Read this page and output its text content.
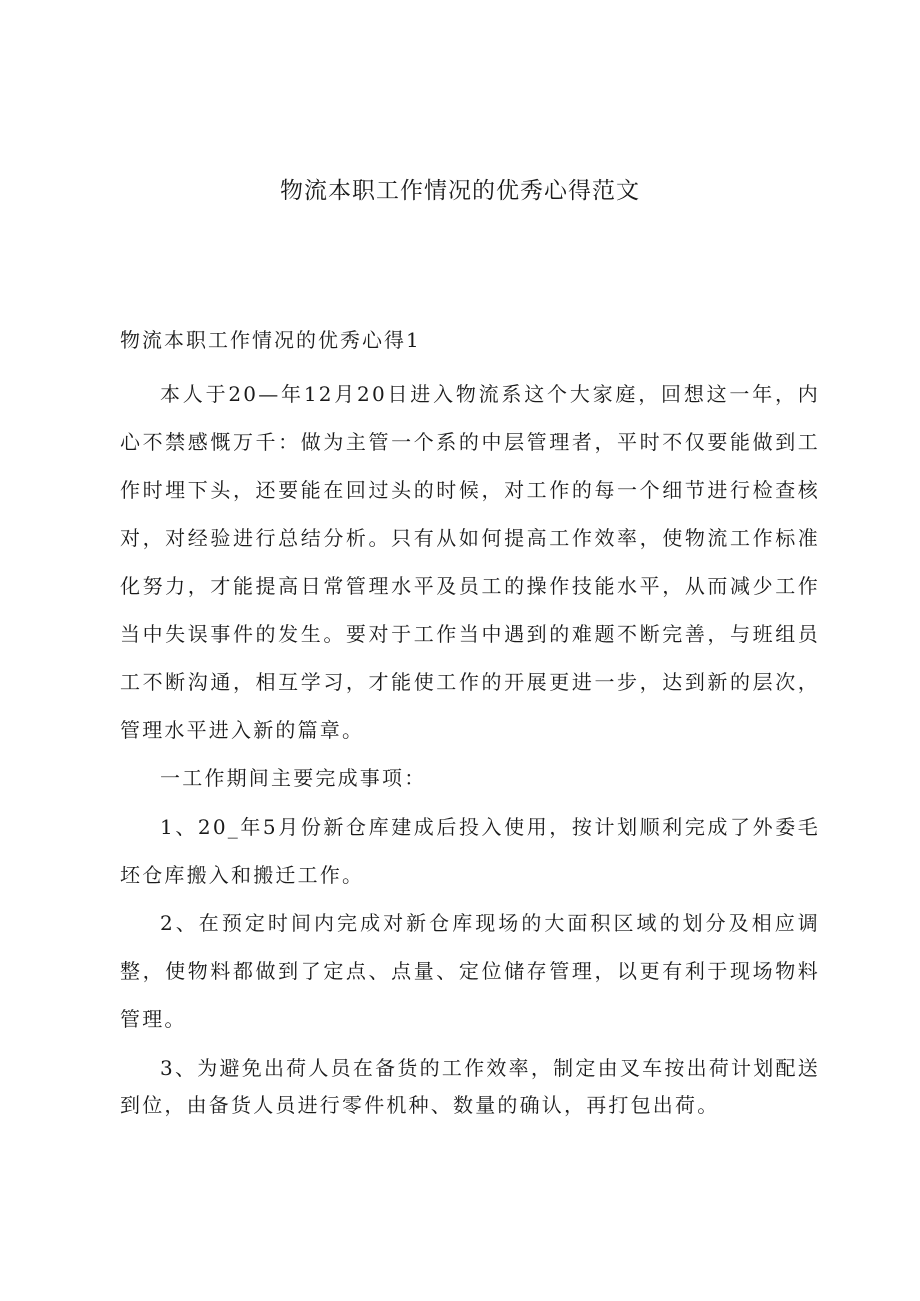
物流本职工作情况的优秀心得范文
物流本职工作情况的优秀心得1

本人于20—年12月20日进入物流系这个大家庭，回想这一年，内心不禁感慨万千：做为主管一个系的中层管理者，平时不仅要能做到工作时埋下头，还要能在回过头的时候，对工作的每一个细节进行检查核对，对经验进行总结分析。只有从如何提高工作效率，使物流工作标准化努力，才能提高日常管理水平及员工的操作技能水平，从而减少工作当中失误事件的发生。要对于工作当中遇到的难题不断完善，与班组员工不断沟通，相互学习，才能使工作的开展更进一步，达到新的层次，管理水平进入新的篇章。

一工作期间主要完成事项：

1、20_年5月份新仓库建成后投入使用，按计划顺利完成了外委毛坯仓库搬入和搬迁工作。

2、在预定时间内完成对新仓库现场的大面积区域的划分及相应调整，使物料都做到了定点、点量、定位储存管理，以更有利于现场物料管理。

3、为避免出荷人员在备货的工作效率，制定由叉车按出荷计划配送到位，由备货人员进行零件机种、数量的确认，再打包出荷。
